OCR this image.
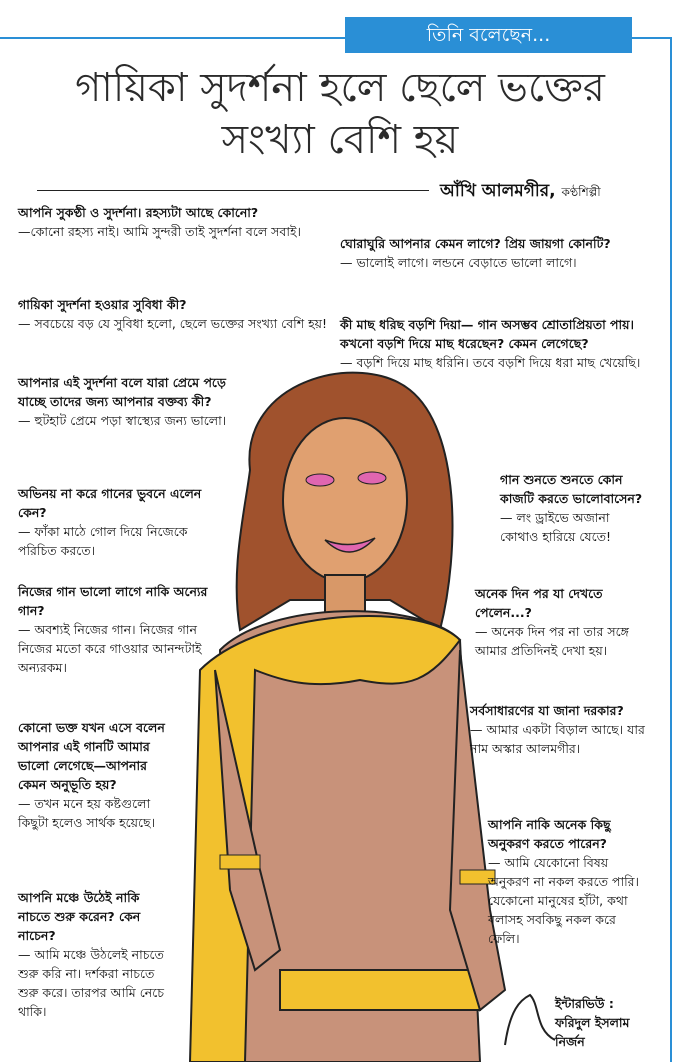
তিনি বলেছেন...
গায়িকা সুদর্শনা হলে ছেলে ভক্তের
সংখ্যা বেশি হয়
আঁখি আলমগীর, কণ্ঠশিল্পী
আপনি সুকণ্ঠী ও সুদর্শনা। রহস্যটা আছে কোনো?
—কোনো রহস্য নাই। আমি সুন্দরী তাই সুদর্শনা বলে সবাই।
গায়িকা সুদর্শনা হওয়ার সুবিধা কী?
— সবচেয়ে বড় যে সুবিধা হলো, ছেলে ভক্তের সংখ্যা বেশি হয়!
আপনার এই সুদর্শনা বলে যারা প্রেমে পড়ে যাচ্ছে তাদের জন্য আপনার বক্তব্য কী?
— হুটহাট প্রেমে পড়া স্বাস্থ্যের জন্য ভালো।
অভিনয় না করে গানের ভুবনে এলেন কেন?
— ফাঁকা মাঠে গোল দিয়ে নিজেকে পরিচিত করতে।
নিজের গান ভালো লাগে নাকি অন্যের গান?
— অবশ্যই নিজের গান। নিজের গান নিজের মতো করে গাওয়ার আনন্দটাই অন্যরকম।
কোনো ভক্ত যখন এসে বলেন আপনার এই গানটি আমার ভালো লেগেছে—আপনার কেমন অনুভূতি হয়?
— তখন মনে হয় কষ্টগুলো কিছুটা হলেও সার্থক হয়েছে।
আপনি মঞ্চে উঠেই নাকি নাচতে শুরু করেন? কেন নাচেন?
— আমি মঞ্চে উঠলেই নাচতে শুরু করি না। দর্শকরা নাচতে শুরু করে। তারপর আমি নেচে থাকি।
ঘোরাঘুরি আপনার কেমন লাগে? প্রিয় জায়গা কোনটি?
— ভালোই লাগে। লন্ডনে বেড়াতে ভালো লাগে।
কী মাছ ধরিছ বড়শি দিয়া— গান অসম্ভব শ্রোতাপ্রিয়তা পায়। কখনো বড়শি দিয়ে মাছ ধরেছেন? কেমন লেগেছে?
— বড়শি দিয়ে মাছ ধরিনি। তবে বড়শি দিয়ে ধরা মাছ খেয়েছি।
গান শুনতে শুনতে কোন কাজটি করতে ভালোবাসেন?
— লং ড্রাইভে অজানা কোথাও হারিয়ে যেতে!
অনেক দিন পর যা দেখতে পেলেন...?
— অনেক দিন পর না তার সঙ্গে আমার প্রতিদিনই দেখা হয়।
সর্বসাধারণের যা জানা দরকার?
— আমার একটা বিড়াল আছে। যার নাম অস্কার আলমগীর।
আপনি নাকি অনেক কিছু অনুকরণ করতে পারেন?
— আমি যেকোনো বিষয় অনুকরণ না নকল করতে পারি। যেকোনো মানুষের হাঁটা, কথা বলাসহ সবকিছু নকল করে ফেলি।
ইন্টারভিউ :
ফরিদুল ইসলাম নির্জন
